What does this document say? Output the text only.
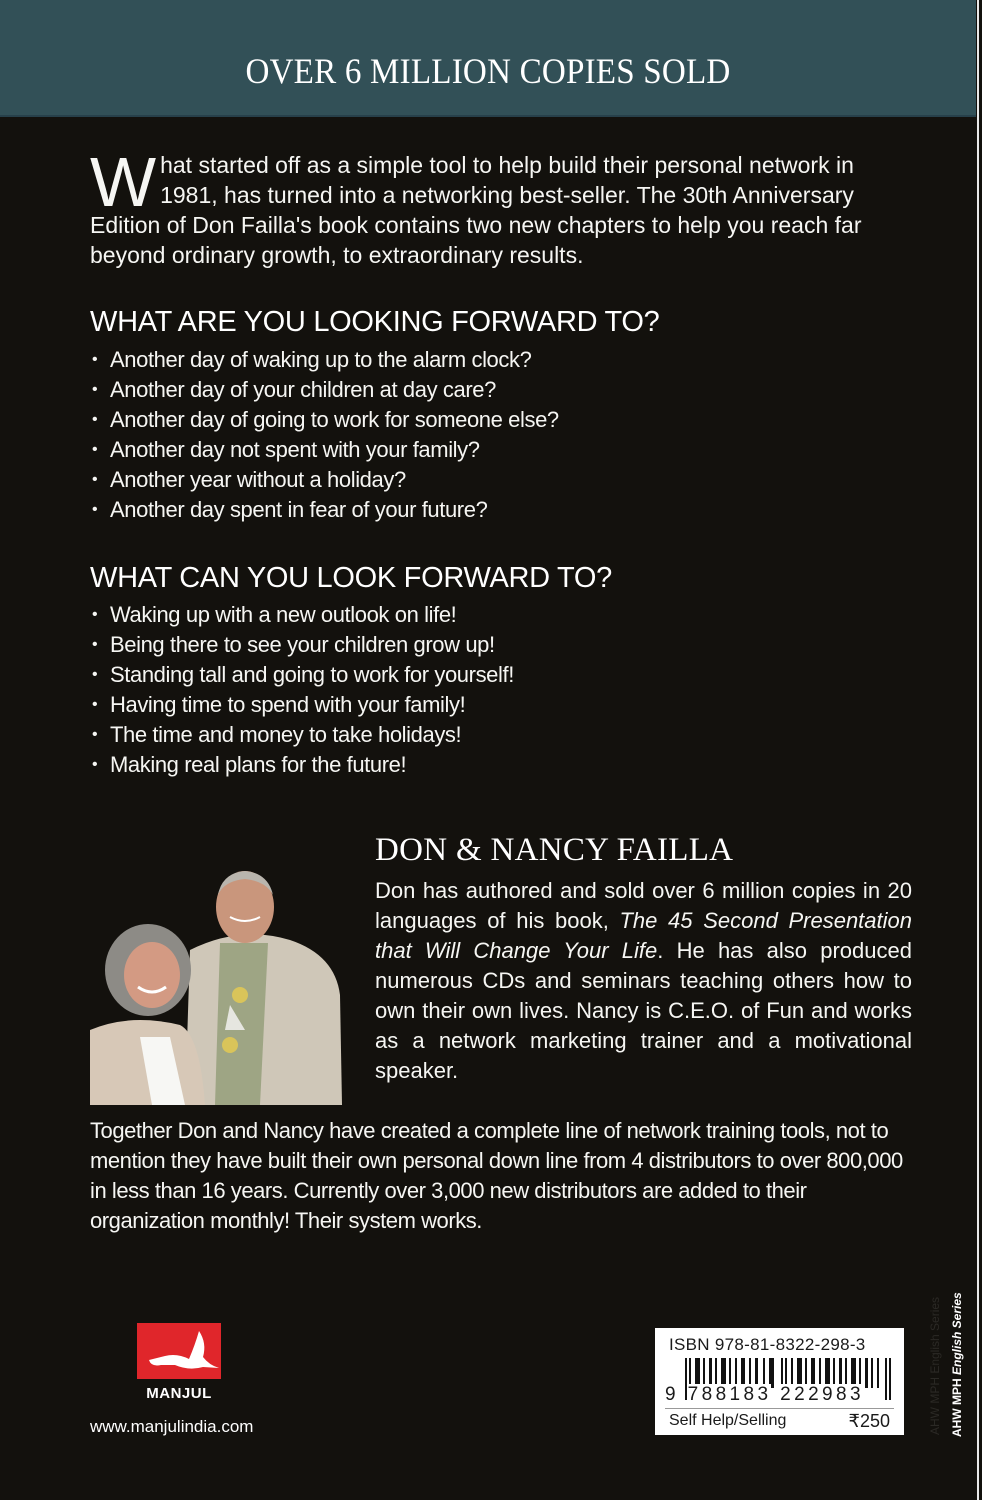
OVER 6 MILLION COPIES SOLD
What started off as a simple tool to help build their personal network in 1981, has turned into a networking best-seller. The 30th Anniversary Edition of Don Failla's book contains two new chapters to help you reach far beyond ordinary growth, to extraordinary results.
WHAT ARE YOU LOOKING FORWARD TO?
• Another day of waking up to the alarm clock?
• Another day of your children at day care?
• Another day of going to work for someone else?
• Another day not spent with your family?
• Another year without a holiday?
• Another day spent in fear of your future?
WHAT CAN YOU LOOK FORWARD TO?
• Waking up with a new outlook on life!
• Being there to see your children grow up!
• Standing tall and going to work for yourself!
• Having time to spend with your family!
• The time and money to take holidays!
• Making real plans for the future!
DON & NANCY FAILLA
Don has authored and sold over 6 million copies in 20 languages of his book, The 45 Second Presentation that Will Change Your Life. He has also produced numerous CDs and seminars teaching others how to own their own lives. Nancy is C.E.O. of Fun and works as a network marketing trainer and a motivational speaker.
Together Don and Nancy have created a complete line of network training tools, not to mention they have built their own personal down line from 4 distributors to over 800,000 in less than 16 years. Currently over 3,000 new distributors are added to their organization monthly! Their system works.
MANJUL
www.manjulindia.com
ISBN 978-81-8322-298-3
9 788183 222983
Self Help/Selling	₹250	AHW MPH English Series AHW MPH English Series
